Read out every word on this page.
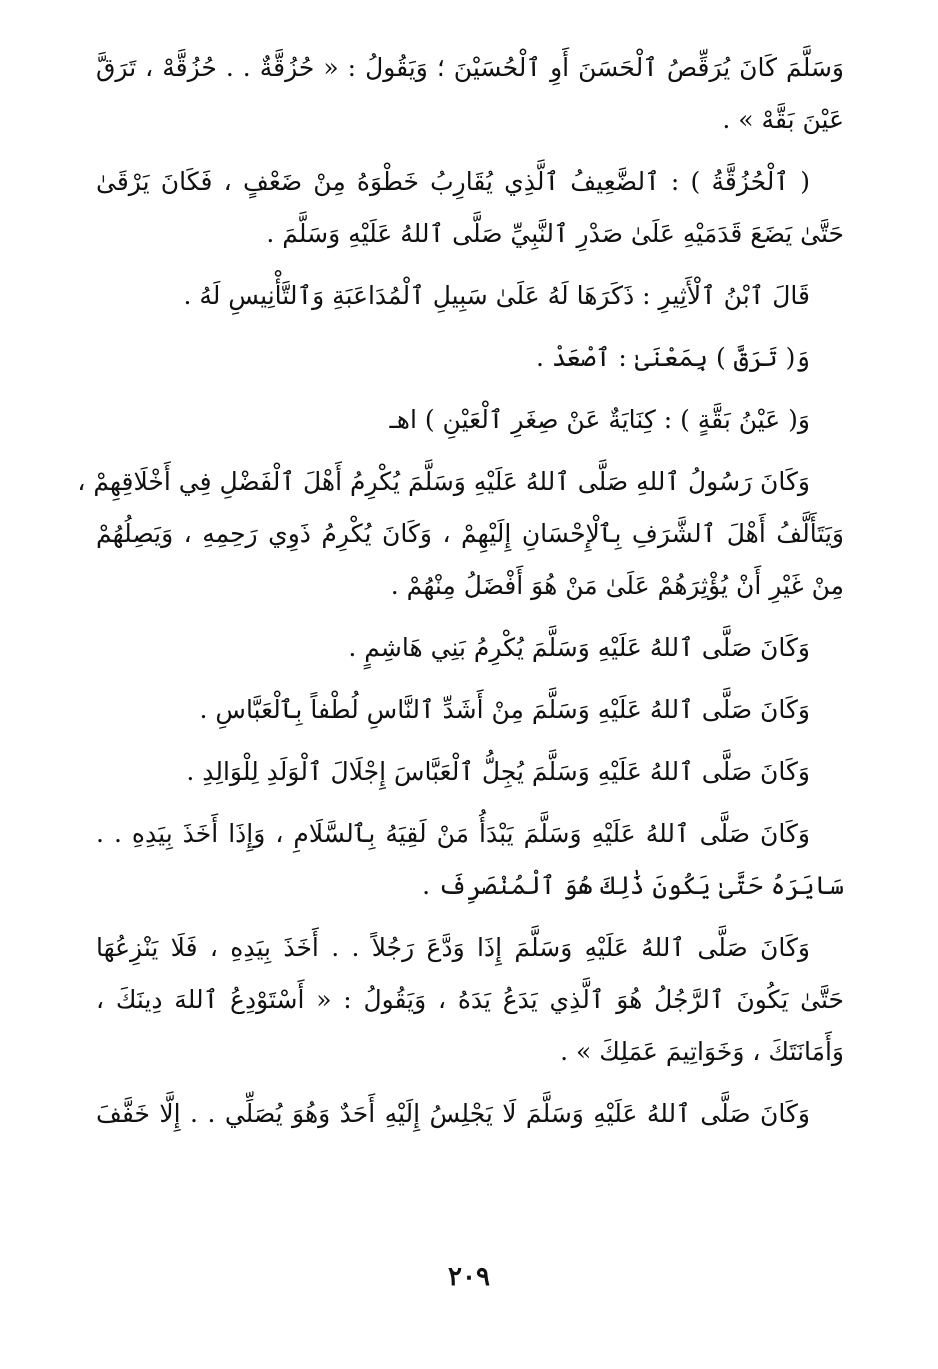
وَسَلَّمَ كَانَ يُرَقِّصُ ٱلْحَسَنَ أَوِ ٱلْحُسَيْنَ ؛ وَيَقُولُ : « حُزُقَّةٌ . . حُزُقَّهْ ، تَرَقَّ
عَيْنَ بَقَّهْ » .
( ٱلْحُزُقَّةُ ) : ٱلضَّعِيفُ ٱلَّذِي يُقَارِبُ خَطْوَهُ مِنْ ضَعْفٍ ، فَكَانَ يَرْقَىٰ
حَتَّىٰ يَضَعَ قَدَمَيْهِ عَلَىٰ صَدْرِ ٱلنَّبِيِّ صَلَّى ٱللهُ عَلَيْهِ وَسَلَّمَ .
قَالَ ٱبْنُ ٱلْأَثِيرِ : ذَكَرَهَا لَهُ عَلَىٰ سَبِيلِ ٱلْمُدَاعَبَةِ وَٱلتَّأْنِيسِ لَهُ .
وَ( تَرَقَّ ) بِمَعْنَىٰ : ٱصْعَدْ .
وَ( عَيْنُ بَقَّةٍ ) : كِنَايَةٌ عَنْ صِغَرِ ٱلْعَيْنِ ) اهـ
وَكَانَ رَسُولُ ٱللهِ صَلَّى ٱللهُ عَلَيْهِ وَسَلَّمَ يُكْرِمُ أَهْلَ ٱلْفَضْلِ فِي أَخْلَاقِهِمْ ،
وَيَتَأَلَّفُ أَهْلَ ٱلشَّرَفِ بِٱلْإِحْسَانِ إِلَيْهِمْ ، وَكَانَ يُكْرِمُ ذَوِي رَحِمِهِ ، وَيَصِلُهُمْ
مِنْ غَيْرِ أَنْ يُؤْثِرَهُمْ عَلَىٰ مَنْ هُوَ أَفْضَلُ مِنْهُمْ .
وَكَانَ صَلَّى ٱللهُ عَلَيْهِ وَسَلَّمَ يُكْرِمُ بَنِي هَاشِمٍ .
وَكَانَ صَلَّى ٱللهُ عَلَيْهِ وَسَلَّمَ مِنْ أَشَدِّ ٱلنَّاسِ لُطْفاً بِٱلْعَبَّاسِ .
وَكَانَ صَلَّى ٱللهُ عَلَيْهِ وَسَلَّمَ يُجِلُّ ٱلْعَبَّاسَ إِجْلَالَ ٱلْوَلَدِ لِلْوَالِدِ .
وَكَانَ صَلَّى ٱللهُ عَلَيْهِ وَسَلَّمَ يَبْدَأُ مَنْ لَقِيَهُ بِٱلسَّلَامِ ، وَإِذَا أَخَذَ بِيَدِهِ . .
سَايَرَهُ حَتَّىٰ يَكُونَ ذَٰلِكَ هُوَ ٱلْمُنْصَرِفَ .
وَكَانَ صَلَّى ٱللهُ عَلَيْهِ وَسَلَّمَ إِذَا وَدَّعَ رَجُلاً . . أَخَذَ بِيَدِهِ ، فَلَا يَنْزِعُهَا
حَتَّىٰ يَكُونَ ٱلرَّجُلُ هُوَ ٱلَّذِي يَدَعُ يَدَهُ ، وَيَقُولُ : « أَسْتَوْدِعُ ٱللهَ دِينَكَ ،
وَأَمَانَتَكَ ، وَخَوَاتِيمَ عَمَلِكَ » .
وَكَانَ صَلَّى ٱللهُ عَلَيْهِ وَسَلَّمَ لَا يَجْلِسُ إِلَيْهِ أَحَدٌ وَهُوَ يُصَلِّي . . إِلَّا خَفَّفَ
٢٠٩
